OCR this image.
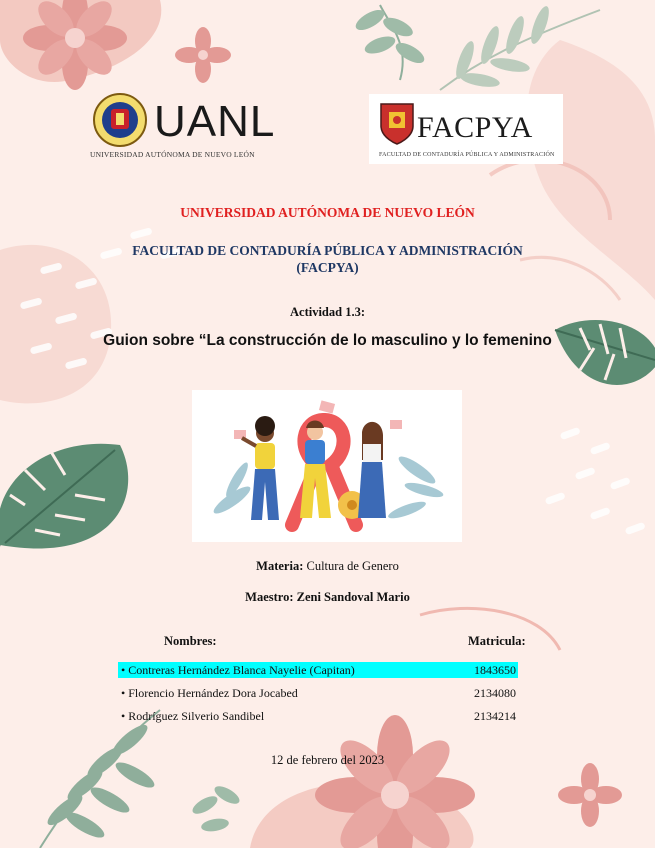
UANL
UNIVERSIDAD AUTÓNOMA DE NUEVO LEÓN
FACPYA
FACULTAD DE CONTADURÍA PÚBLICA Y ADMINISTRACIÓN
UNIVERSIDAD AUTÓNOMA DE NUEVO LEÓN
FACULTAD DE CONTADURÍA PÚBLICA Y ADMINISTRACIÓN
(FACPYA)
Actividad 1.3:
Guion sobre “La construcción de lo masculino y lo femenino
Materia: Cultura de Genero
Maestro: Zeni Sandoval Mario
Nombres:	Matricula:
• Contreras Hernández Blanca Nayelie (Capitan)	1843650
• Florencio Hernández Dora Jocabed	2134080
• Rodríguez Silverio Sandibel	2134214
12 de febrero del 2023
